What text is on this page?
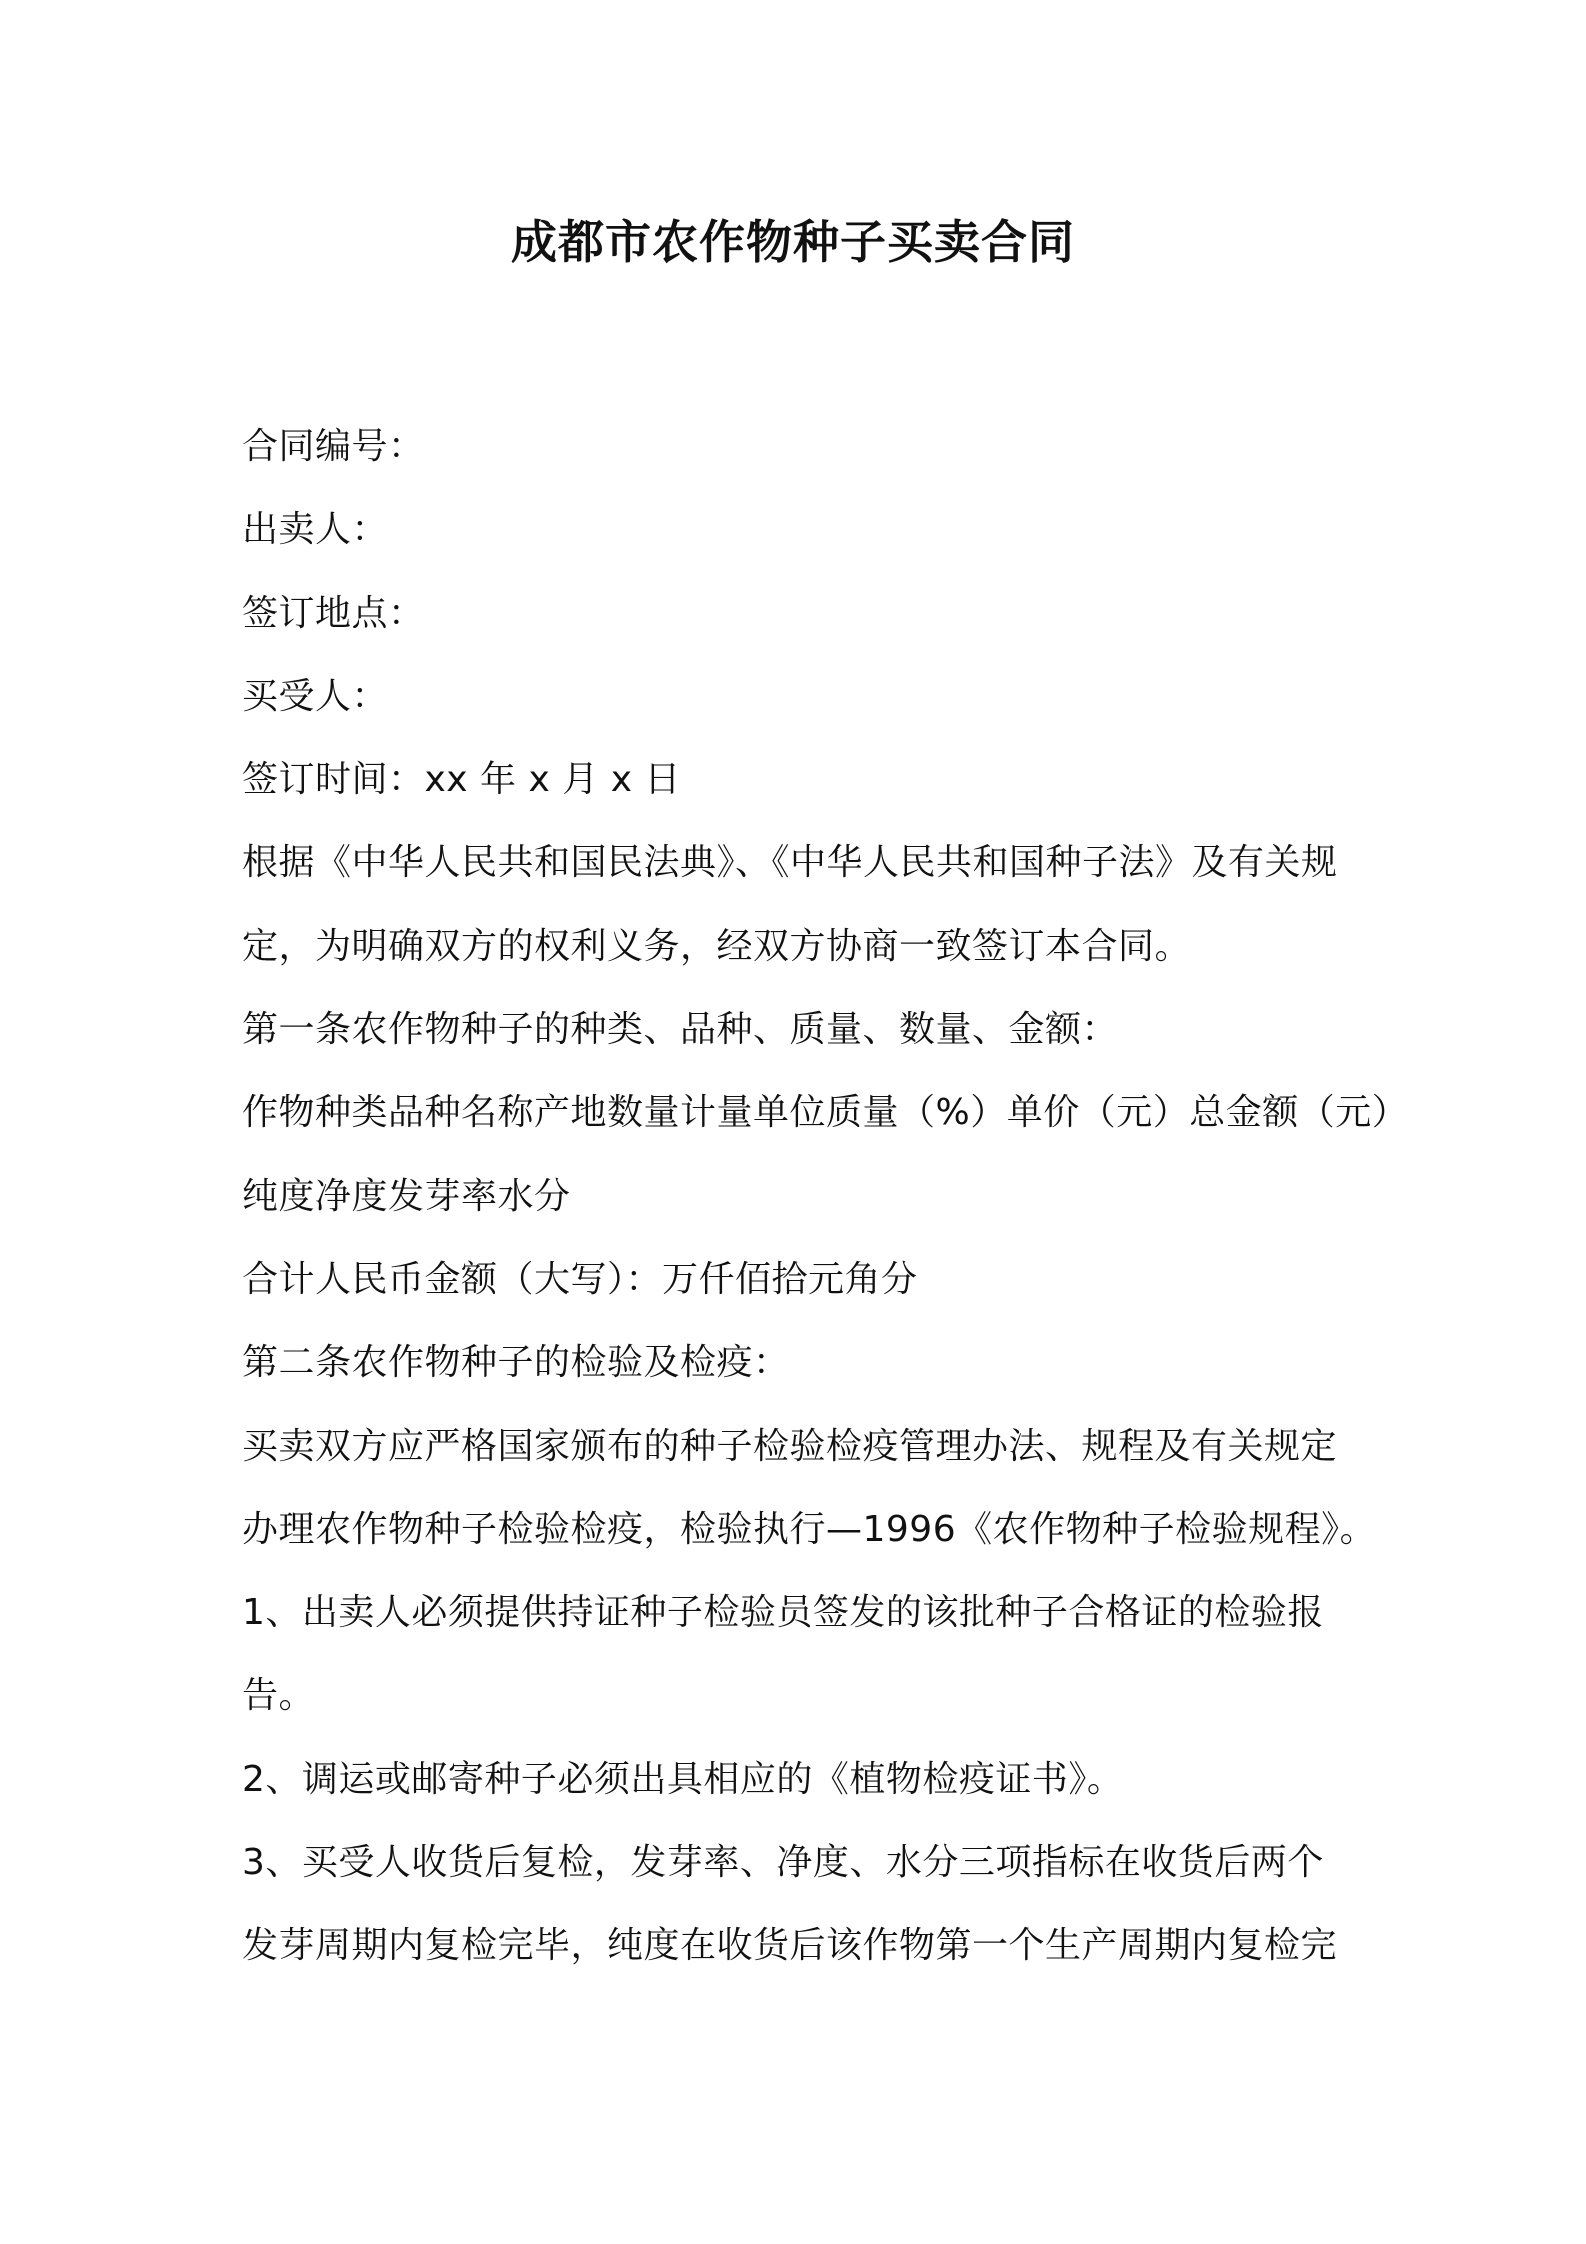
成都市农作物种子买卖合同
合同编号：
出卖人：
签订地点：
买受人：
签订时间：xx 年 x 月 x 日
根据《中华人民共和国民法典》、《中华人民共和国种子法》及有关规
定，为明确双方的权利义务，经双方协商一致签订本合同。
第一条农作物种子的种类、品种、质量、数量、金额：
作物种类品种名称产地数量计量单位质量（%）单价（元）总金额（元）
纯度净度发芽率水分
合计人民币金额（大写）：万仟佰拾元角分
第二条农作物种子的检验及检疫：
买卖双方应严格国家颁布的种子检验检疫管理办法、规程及有关规定
办理农作物种子检验检疫，检验执行—1996《农作物种子检验规程》。
1、出卖人必须提供持证种子检验员签发的该批种子合格证的检验报
告。
2、调运或邮寄种子必须出具相应的《植物检疫证书》。
3、买受人收货后复检，发芽率、净度、水分三项指标在收货后两个
发芽周期内复检完毕，纯度在收货后该作物第一个生产周期内复检完
